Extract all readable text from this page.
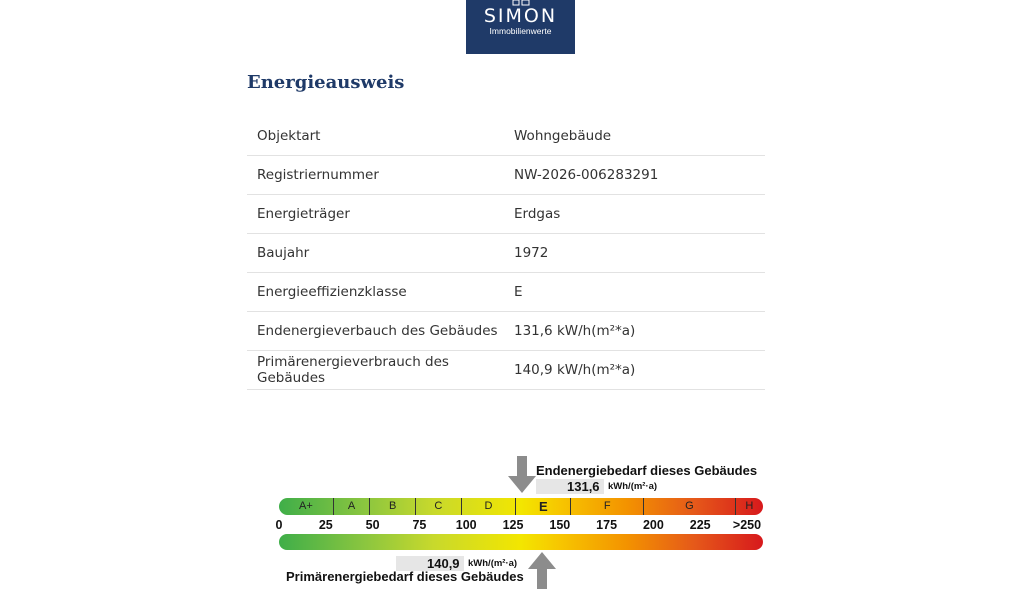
SIMON
Immobilienwerte
Energieausweis
Objektart	Wohngebäude
Registriernummer	NW-2026-006283291
Energieträger	Erdgas
Baujahr	1972
Energieeffizienzklasse	E
Endenergieverbauch des Gebäudes	131,6 kW/h(m²*a)
Primärenergieverbrauch des Gebäudes	140,9 kW/h(m²*a)
Endenergiebedarf dieses Gebäudes
131,6 kWh/(m²·a)
A+	A	B	C	D	E	F	G	H
0	25	50	75 100 125 150 175 200 225 >250
140,9 kWh/(m²·a)
Primärenergiebedarf dieses Gebäudes
